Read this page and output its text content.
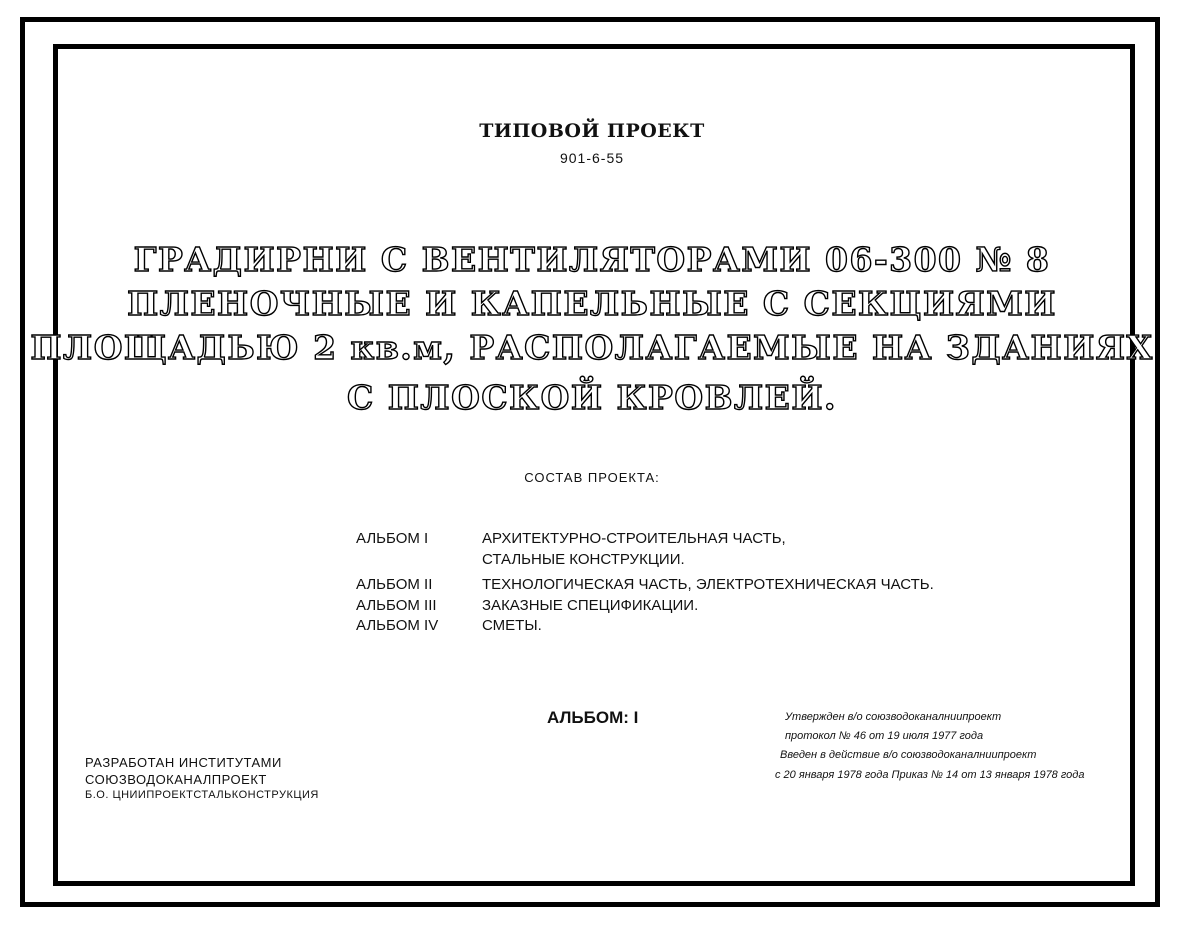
ТИПОВОЙ ПРОЕКТ
901-6-55
ГРАДИРНИ С ВЕНТИЛЯТОРАМИ 06-300 № 8
ПЛЕНОЧНЫЕ И КАПЕЛЬНЫЕ С СЕКЦИЯМИ
ПЛОЩАДЬЮ 2 кв.м, РАСПОЛАГАЕМЫЕ НА ЗДАНИЯХ
С ПЛОСКОЙ КРОВЛЕЙ.
СОСТАВ ПРОЕКТА:
АЛЬБОМ I	АРХИТЕКТУРНО-СТРОИТЕЛЬНАЯ ЧАСТЬ,
СТАЛЬНЫЕ КОНСТРУКЦИИ.
АЛЬБОМ II	ТЕХНОЛОГИЧЕСКАЯ ЧАСТЬ, ЭЛЕКТРОТЕХНИЧЕСКАЯ ЧАСТЬ.
АЛЬБОМ III	ЗАКАЗНЫЕ СПЕЦИФИКАЦИИ.
АЛЬБОМ IV	СМЕТЫ.
АЛЬБОМ: I
РАЗРАБОТАН ИНСТИТУТАМИ
СОЮЗВОДОКАНАЛПРОЕКТ
Б.О. ЦНИИПРОЕКТСТАЛЬКОНСТРУКЦИЯ
Утвержден в/о союзводоканалниипроект
протокол № 46 от 19 июля 1977 года
Введен в действие в/о союзводоканалниипроект
с 20 января 1978 года Приказ № 14 от 13 января 1978 года
